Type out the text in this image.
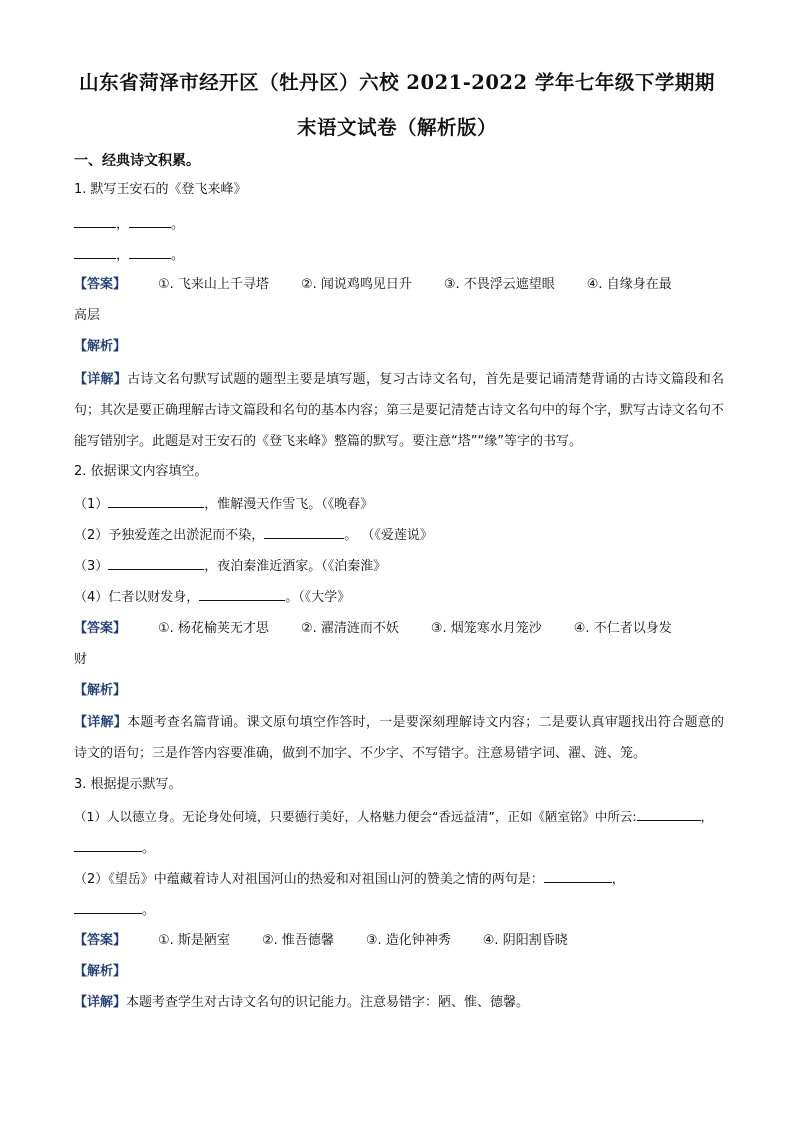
山东省菏泽市经开区（牡丹区）六校 2021-2022 学年七年级下学期期
末语文试卷（解析版）
一、经典诗文积累。
1. 默写王安石的《登飞来峰》
，	。
，	。
【答案】 ①. 飞来山上千寻塔 ②. 闻说鸡鸣见日升 ③. 不畏浮云遮望眼 ④. 自缘身在最
高层
【解析】
【详解】古诗文名句默写试题的题型主要是填写题，复习古诗文名句，首先是要记诵清楚背诵的古诗文篇段和名句；其次是要正确理解古诗文篇段和名句的基本内容；第三是要记清楚古诗文名句中的每个字，默写古诗文名句不能写错别字。此题是对王安石的《登飞来峰》整篇的默写。要注意“塔”“缘”等字的书写。
2. 依据课文内容填空。
（1）	，惟解漫天作雪飞。（《晚春》
（2）予独爱莲之出淤泥而不染，	。 （《爱莲说》
（3）	，夜泊秦淮近酒家。（《泊秦淮》
（4）仁者以财发身，	。（《大学》
【答案】 ①. 杨花榆荚无才思 ②. 濯清涟而不妖 ③. 烟笼寒水月笼沙 ④. 不仁者以身发
财
【解析】
【详解】本题考查名篇背诵。课文原句填空作答时，一是要深刻理解诗文内容；二是要认真审题找出符合题意的诗文的语句；三是作答内容要准确，做到不加字、不少字、不写错字。注意易错字词、濯、涟、笼。
3. 根据提示默写。
（1）人以德立身。无论身处何境，只要德行美好，人格魅力便会“香远益清”，正如《陋室铭》中所云:	，
。
（2）《望岳》中蕴藏着诗人对祖国河山的热爱和对祖国山河的赞美之情的两句是：	，
。
【答案】 ①. 斯是陋室 ②. 惟吾德馨 ③. 造化钟神秀 ④. 阴阳割昏晓
【解析】
【详解】本题考查学生对古诗文名句的识记能力。注意易错字：陋、惟、德馨。
